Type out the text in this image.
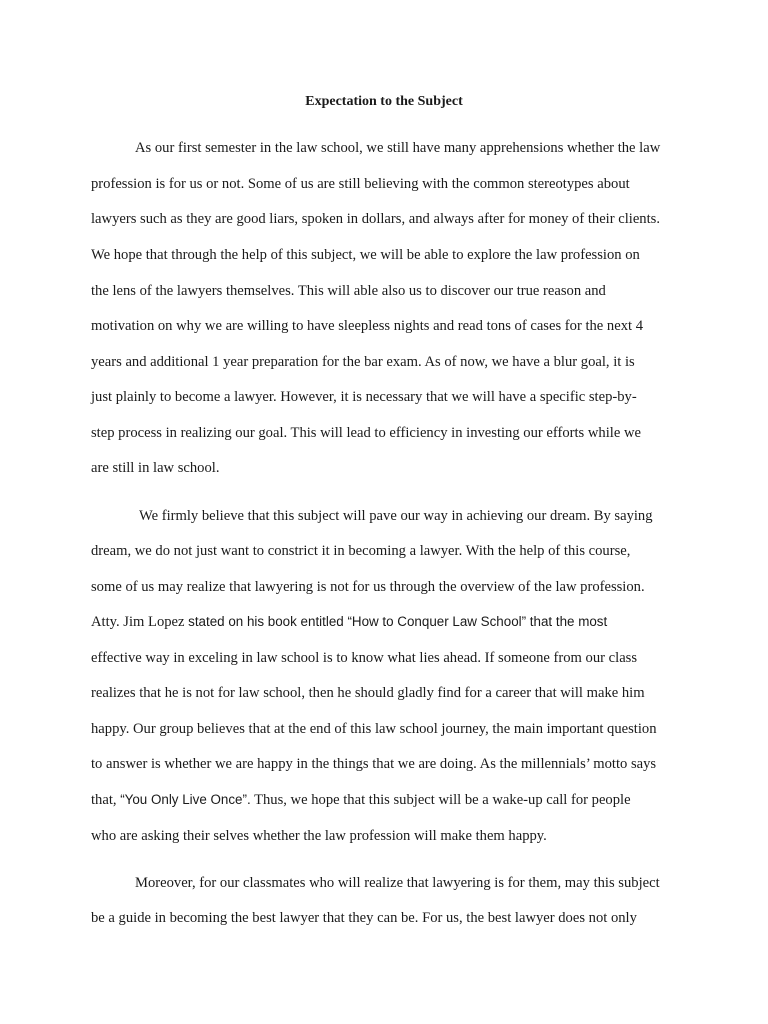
Expectation to the Subject
As our first semester in the law school, we still have many apprehensions whether the law
profession is for us or not. Some of us are still believing with the common stereotypes about
lawyers such as they are good liars, spoken in dollars, and always after for money of their clients.
We hope that through the help of this subject, we will be able to explore the law profession on
the lens of the lawyers themselves. This will able also us to discover our true reason and
motivation on why we are willing to have sleepless nights and read tons of cases for the next 4
years and additional 1 year preparation for the bar exam. As of now, we have a blur goal, it is
just plainly to become a lawyer. However, it is necessary that we will have a specific step-by-
step process in realizing our goal. This will lead to efficiency in investing our efforts while we
are still in law school.
We firmly believe that this subject will pave our way in achieving our dream. By saying
dream, we do not just want to constrict it in becoming a lawyer. With the help of this course,
some of us may realize that lawyering is not for us through the overview of the law profession.
Atty. Jim Lopez stated on his book entitled “How to Conquer Law School” that the most
effective way in exceling in law school is to know what lies ahead. If someone from our class
realizes that he is not for law school, then he should gladly find for a career that will make him
happy. Our group believes that at the end of this law school journey, the main important question
to answer is whether we are happy in the things that we are doing. As the millennials’ motto says
that, “You Only Live Once”. Thus, we hope that this subject will be a wake-up call for people
who are asking their selves whether the law profession will make them happy.
Moreover, for our classmates who will realize that lawyering is for them, may this subject
be a guide in becoming the best lawyer that they can be. For us, the best lawyer does not only
